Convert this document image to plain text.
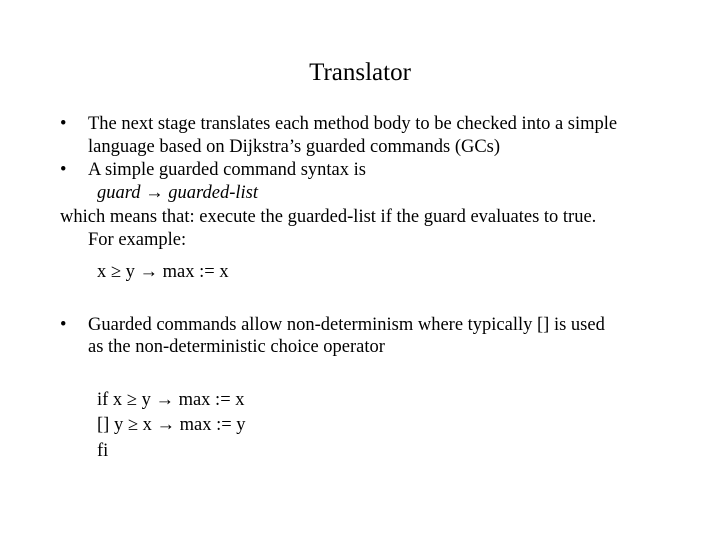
Translator
• The next stage translates each method body to be checked into a simple
language based on Dijkstra’s guarded commands (GCs)
• A simple guarded command syntax is
guard → guarded-list
which means that: execute the guarded-list if the guard evaluates to true.
For example:
x ≥ y → max := x
• Guarded commands allow non-determinism where typically [] is used
as the non-deterministic choice operator
if x ≥ y → max := x
[] y ≥ x → max := y
fi
